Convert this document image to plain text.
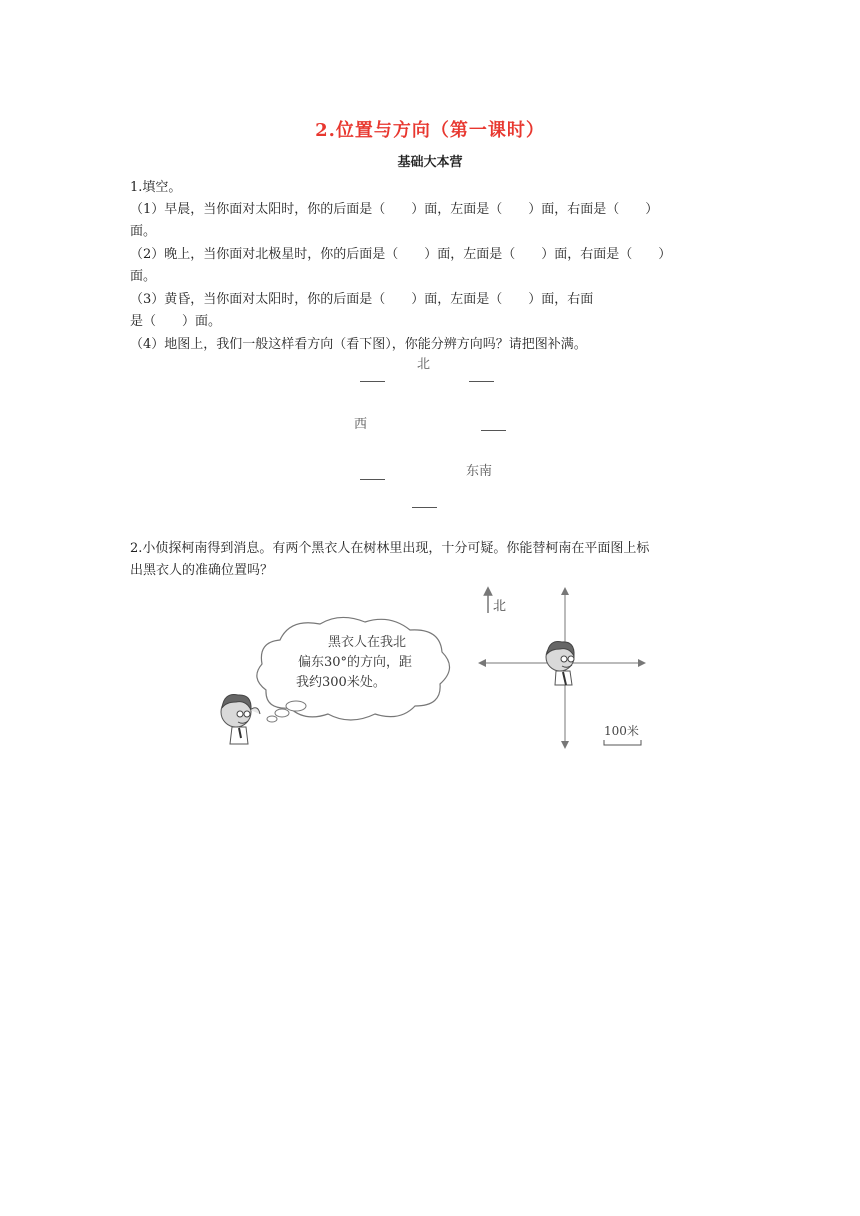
2.位置与方向（第一课时）
基础大本营
1.填空。
（1）早晨，当你面对太阳时，你的后面是（　　）面，左面是（　　）面，右面是（　　）
面。
（2）晚上，当你面对北极星时，你的后面是（　　）面，左面是（　　）面，右面是（　　）
面。
（3）黄昏，当你面对太阳时，你的后面是（　　）面，左面是（　　）面，右面
是（　　）面。
（4）地图上，我们一般这样看方向（看下图），你能分辨方向吗？请把图补满。
北
西
东南
2.小侦探柯南得到消息。有两个黑衣人在树林里出现，十分可疑。你能替柯南在平面图上标
出黑衣人的准确位置吗？
黑衣人在我北
偏东30°的方向，距
我约300米处。
北
100米
